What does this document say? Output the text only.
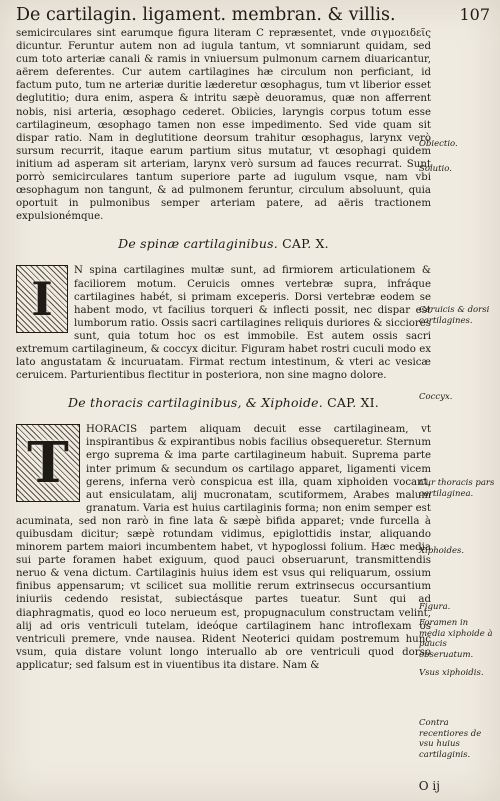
De cartilagin. ligament. membran. & villis.	107

semicirculares sint earumque figura literam C repræsentet, vnde σιγμοειδεῖς dicuntur. Feruntur autem non ad iugula tantum, vt somniarunt quidam, sed cum toto arteriæ canali & ramis in vniuersum pulmonum carnem diuaricantur, aërem deferentes. Cur autem cartilagines hæ circulum non perficiant, id factum puto, tum ne arteriæ duritie læderetur œsophagus, tum vt liberior esset deglutitio; dura enim, aspera & intritu sæpè deuoramus, quæ non afferrent nobis, nisi arteria, œsophago cederet. Obiicies, laryngis corpus totum esse cartilagineum, œsophago tamen non esse impedimento. Sed vide quam sit dispar ratio. Nam in deglutitione deorsum trahitur œsophagus, larynx verò sursum recurrit, itaque earum partium situs mutatur, vt œsophagi quidem initium ad asperam sit arteriam, larynx verò sursum ad fauces recurrat. Sunt porrò semicirculares tantum superiore parte ad iugulum vsque, nam vbi œsophagum non tangunt, & ad pulmonem feruntur, circulum absoluunt, quia oportuit in pulmonibus semper arteriam patere, ad aëris tractionem expulsionémque.

De spinæ cartilaginibus. CAP. X.
I

N spina cartilagines multæ sunt, ad firmiorem articulationem & faciliorem motum. Ceruicis omnes vertebræ supra, infráque cartilagines habét, si primam exceperis. Dorsi vertebræ eodem se habent modo, vt facilius torqueri & inflecti possit, nec dispar est lumborum ratio. Ossis sacri cartilagines reliquis duriores & sicciores sunt, quia totum hoc os est immobile. Est autem ossis sacri extremum cartilagineum, & coccyx dicitur. Figuram habet rostri cuculi modo ex lato angustatam & incuruatam. Firmat rectum intestinum, & vteri ac vesicæ ceruicem. Parturientibus flectitur in posteriora, non sine magno dolore.

De thoracis cartilaginibus, & Xiphoide. CAP. XI.
T	HORACIS partem aliquam decuit esse cartilagineam, vt inspirantibus & expirantibus nobis facilius obsequeretur. Sternum ergo suprema & ima parte cartilagineum habuit. Suprema parte inter primum & secundum os cartilago apparet, ligamenti vicem gerens, inferna verò conspicua est illa, quam xiphoiden vocant, aut ensiculatam, alij mucronatam, scutiformem, Arabes malum granatum. Varia est huius cartilaginis forma; non enim semper est acuminata, sed non rarò in fine lata & sæpè bifida apparet; vnde furcella à quibusdam dicitur; sæpè rotundam vidimus, epiglottidis instar, aliquando minorem partem maiori incumbentem habet, vt hypoglossi folium. Hæc media sui parte foramen habet exiguum, quod pauci obseruarunt, transmittendis neruo & vena dictum. Cartilaginis huius idem est vsus qui reliquarum, ossium finibus appensarum; vt scilicet sua mollitie rerum extrinsecus occursantium iniuriis cedendo resistat, subiectásque partes tueatur. Sunt qui ad diaphragmatis, quod eo loco nerueum est, propugnaculum constructam velint, alij ad oris ventriculi tutelam, ideóque cartilaginem hanc introflexam os ventriculi premere, vnde nausea. Rident Neoterici quidam postremum hunc vsum, quia distare volunt longo interuallo ab ore ventriculi quod dorso applicatur; sed falsum est in viuentibus ita distare. Nam &

Obiectio.
Solutio.
Ceruicis & dorsi cartilagines.
Coccyx.
Cur thoracis pars cartilaginea.
Xiphoides.
Figura.
Foramen in media xiphoide à paucis obseruatum.
Vsus xiphoidis.
Contra recentiores de vsu huius cartilaginis.
O ij
